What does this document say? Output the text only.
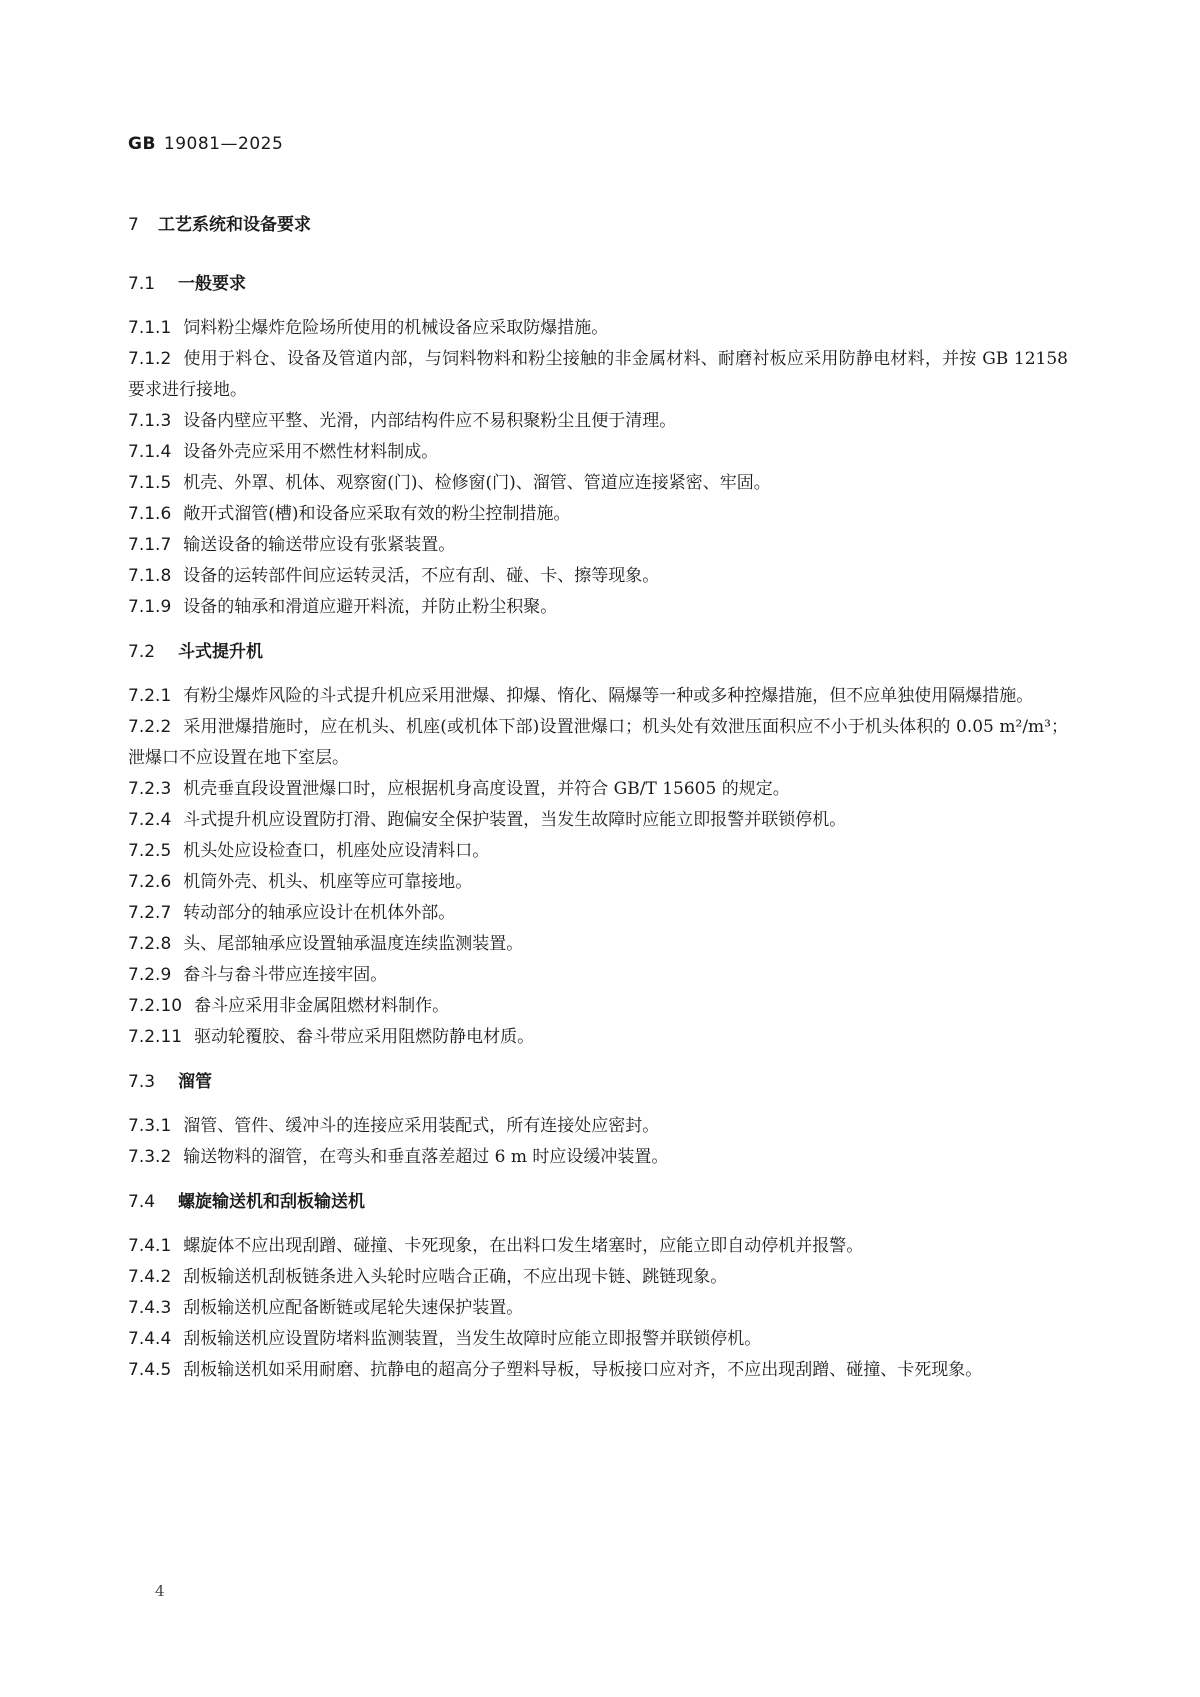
GB 19081—2025
7 工艺系统和设备要求
7.1 一般要求

7.1.1 饲料粉尘爆炸危险场所使用的机械设备应采取防爆措施。

7.1.2 使用于料仓、设备及管道内部，与饲料物料和粉尘接触的非金属材料、耐磨衬板应采用防静电材料，并按 GB 12158 要求进行接地。

7.1.3 设备内壁应平整、光滑，内部结构件应不易积聚粉尘且便于清理。

7.1.4 设备外壳应采用不燃性材料制成。

7.1.5 机壳、外罩、机体、观察窗(门)、检修窗(门)、溜管、管道应连接紧密、牢固。

7.1.6 敞开式溜管(槽)和设备应采取有效的粉尘控制措施。

7.1.7 输送设备的输送带应设有张紧装置。

7.1.8 设备的运转部件间应运转灵活，不应有刮、碰、卡、擦等现象。

7.1.9 设备的轴承和滑道应避开料流，并防止粉尘积聚。

7.2 斗式提升机

7.2.1 有粉尘爆炸风险的斗式提升机应采用泄爆、抑爆、惰化、隔爆等一种或多种控爆措施，但不应单独使用隔爆措施。

7.2.2 采用泄爆措施时，应在机头、机座(或机体下部)设置泄爆口；机头处有效泄压面积应不小于机头体积的 0.05 m²/m³；泄爆口不应设置在地下室层。

7.2.3 机壳垂直段设置泄爆口时，应根据机身高度设置，并符合 GB/T 15605 的规定。

7.2.4 斗式提升机应设置防打滑、跑偏安全保护装置，当发生故障时应能立即报警并联锁停机。

7.2.5 机头处应设检查口，机座处应设清料口。

7.2.6 机筒外壳、机头、机座等应可靠接地。

7.2.7 转动部分的轴承应设计在机体外部。

7.2.8 头、尾部轴承应设置轴承温度连续监测装置。

7.2.9 畚斗与畚斗带应连接牢固。

7.2.10 畚斗应采用非金属阻燃材料制作。

7.2.11 驱动轮覆胶、畚斗带应采用阻燃防静电材质。

7.3 溜管

7.3.1 溜管、管件、缓冲斗的连接应采用装配式，所有连接处应密封。

7.3.2 输送物料的溜管，在弯头和垂直落差超过 6 m 时应设缓冲装置。

7.4 螺旋输送机和刮板输送机

7.4.1 螺旋体不应出现刮蹭、碰撞、卡死现象，在出料口发生堵塞时，应能立即自动停机并报警。

7.4.2 刮板输送机刮板链条进入头轮时应啮合正确，不应出现卡链、跳链现象。

7.4.3 刮板输送机应配备断链或尾轮失速保护装置。

7.4.4 刮板输送机应设置防堵料监测装置，当发生故障时应能立即报警并联锁停机。

7.4.5 刮板输送机如采用耐磨、抗静电的超高分子塑料导板，导板接口应对齐，不应出现刮蹭、碰撞、卡死现象。

4
